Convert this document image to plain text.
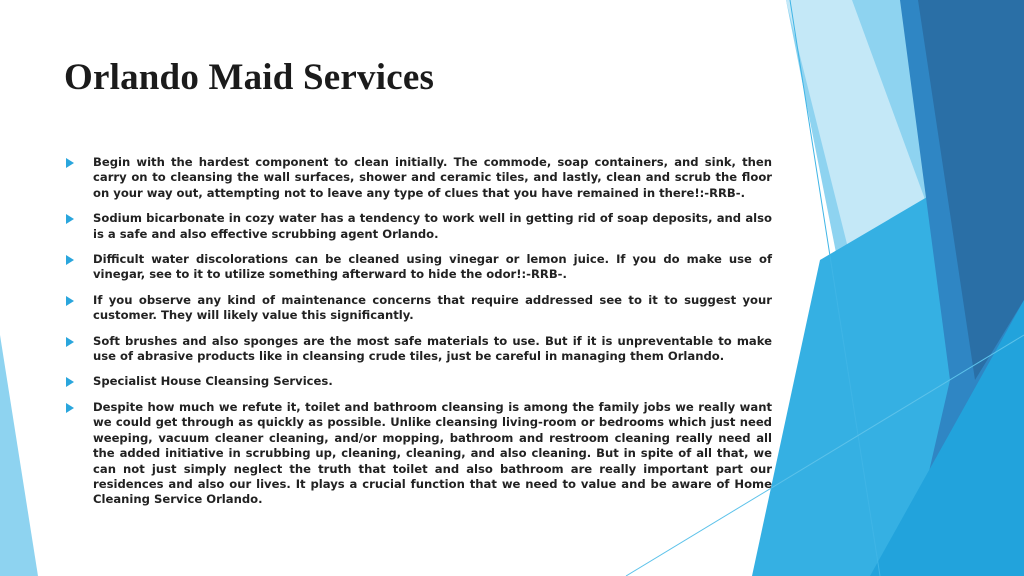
Orlando Maid Services
Begin with the hardest component to clean initially. The commode, soap containers, and sink, then carry on to cleansing the wall surfaces, shower and ceramic tiles, and lastly, clean and scrub the floor on your way out, attempting not to leave any type of clues that you have remained in there!:-RRB-.
Sodium bicarbonate in cozy water has a tendency to work well in getting rid of soap deposits, and also is a safe and also effective scrubbing agent Orlando.
Difficult water discolorations can be cleaned using vinegar or lemon juice. If you do make use of vinegar, see to it to utilize something afterward to hide the odor!:-RRB-.
If you observe any kind of maintenance concerns that require addressed see to it to suggest your customer. They will likely value this significantly.
Soft brushes and also sponges are the most safe materials to use. But if it is unpreventable to make use of abrasive products like in cleansing crude tiles, just be careful in managing them Orlando.
Specialist House Cleansing Services.
Despite how much we refute it, toilet and bathroom cleansing is among the family jobs we really want we could get through as quickly as possible. Unlike cleansing living-room or bedrooms which just need weeping, vacuum cleaner cleaning, and/or mopping, bathroom and restroom cleaning really need all the added initiative in scrubbing up, cleaning, cleaning, and also cleaning. But in spite of all that, we can not just simply neglect the truth that toilet and also bathroom are really important part our residences and also our lives. It plays a crucial function that we need to value and be aware of Home Cleaning Service Orlando.
